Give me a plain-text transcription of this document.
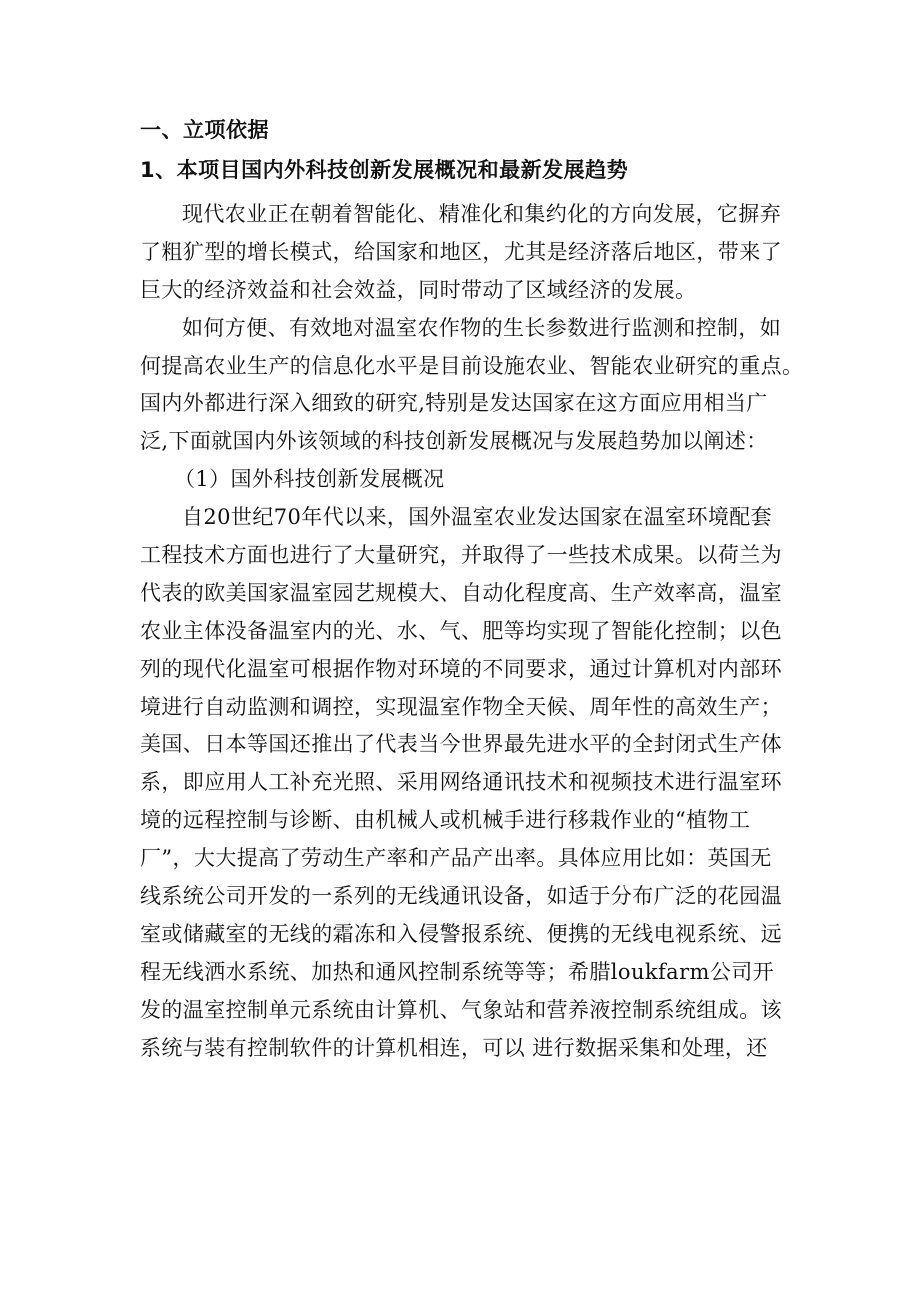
一、立项依据
1、本项目国内外科技创新发展概况和最新发展趋势
现代农业正在朝着智能化、精准化和集约化的方向发展，它摒弃
了粗犷型的增长模式，给国家和地区，尤其是经济落后地区，带来了
巨大的经济效益和社会效益，同时带动了区域经济的发展。
如何方便、有效地对温室农作物的生长参数进行监测和控制，如
何提高农业生产的信息化水平是目前设施农业、智能农业研究的重点。
国内外都进行深入细致的研究,特别是发达国家在这方面应用相当广
泛,下面就国内外该领域的科技创新发展概况与发展趋势加以阐述：
（1）国外科技创新发展概况
自20世纪70年代以来，国外温室农业发达国家在温室环境配套
工程技术方面也进行了大量研究，并取得了一些技术成果。以荷兰为
代表的欧美国家温室园艺规模大、自动化程度高、生产效率高，温室
农业主体没备温室内的光、水、气、肥等均实现了智能化控制；以色
列的现代化温室可根据作物对环境的不同要求，通过计算机对内部环
境进行自动监测和调控，实现温室作物全天候、周年性的高效生产；
美国、日本等国还推出了代表当今世界最先进水平的全封闭式生产体
系，即应用人工补充光照、采用网络通讯技术和视频技术进行温室环
境的远程控制与诊断、由机械人或机械手进行移栽作业的“植物工
厂”，大大提高了劳动生产率和产品产出率。具体应用比如：英国无
线系统公司开发的一系列的无线通讯设备，如适于分布广泛的花园温
室或储藏室的无线的霜冻和入侵警报系统、便携的无线电视系统、远
程无线洒水系统、加热和通风控制系统等等；希腊loukfarm公司开
发的温室控制单元系统由计算机、气象站和营养液控制系统组成。该
系统与装有控制软件的计算机相连，可以 进行数据采集和处理，还
